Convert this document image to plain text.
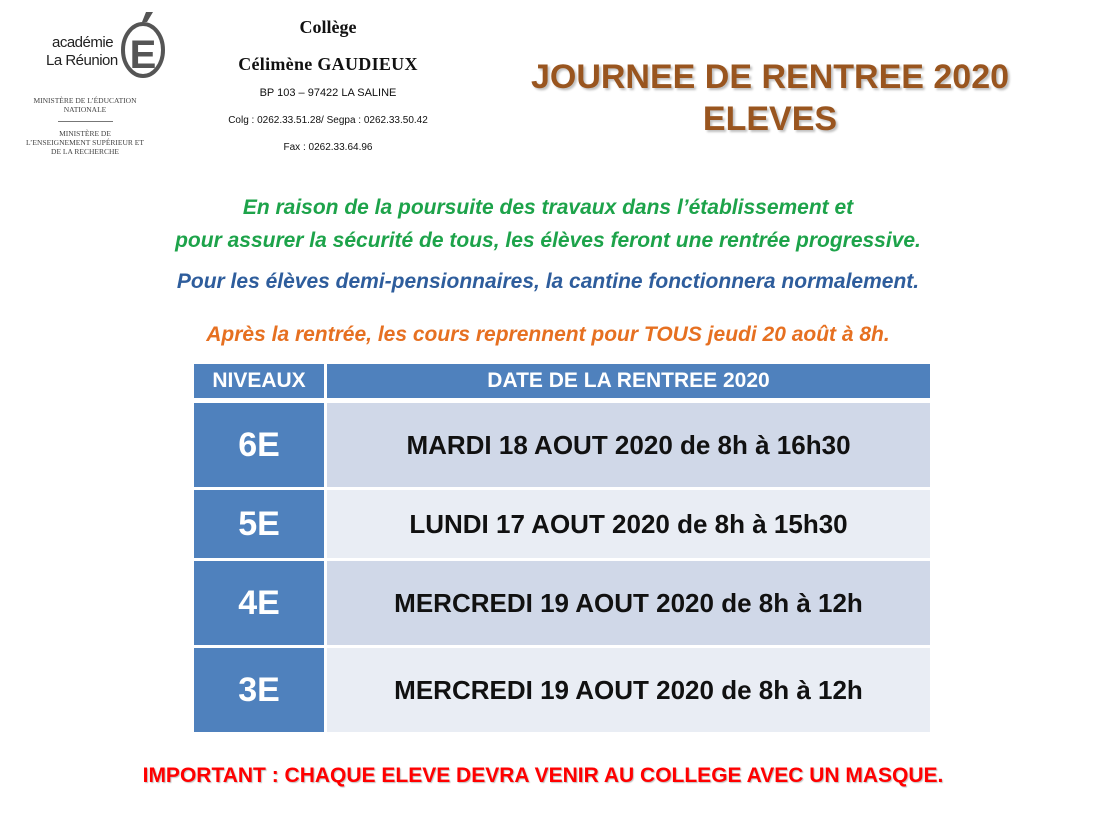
académie
La Réunion E
MINISTÈRE DE L’ÉDUCATION NATIONALE
MINISTÈRE DE L’ENSEIGNEMENT SUPÉRIEUR ET DE LA RECHERCHE
Collège
Célimène GAUDIEUX
BP 103 – 97422 LA SALINE
Colg : 0262.33.51.28/ Segpa : 0262.33.50.42
Fax : 0262.33.64.96
JOURNEE DE RENTREE 2020
ELEVES
En raison de la poursuite des travaux dans l’établissement et
pour assurer la sécurité de tous, les élèves feront une rentrée progressive.
Pour les élèves demi-pensionnaires, la cantine fonctionnera normalement.
Après la rentrée, les cours reprennent pour TOUS jeudi 20 août à 8h.
NIVEAUX	DATE DE LA RENTREE 2020
6E	MARDI 18 AOUT 2020 de 8h à 16h30
5E	LUNDI 17 AOUT 2020 de 8h à 15h30
4E	MERCREDI 19 AOUT 2020 de 8h à 12h
3E	MERCREDI 19 AOUT 2020 de 8h à 12h
IMPORTANT : CHAQUE ELEVE DEVRA VENIR AU COLLEGE AVEC UN MASQUE.
